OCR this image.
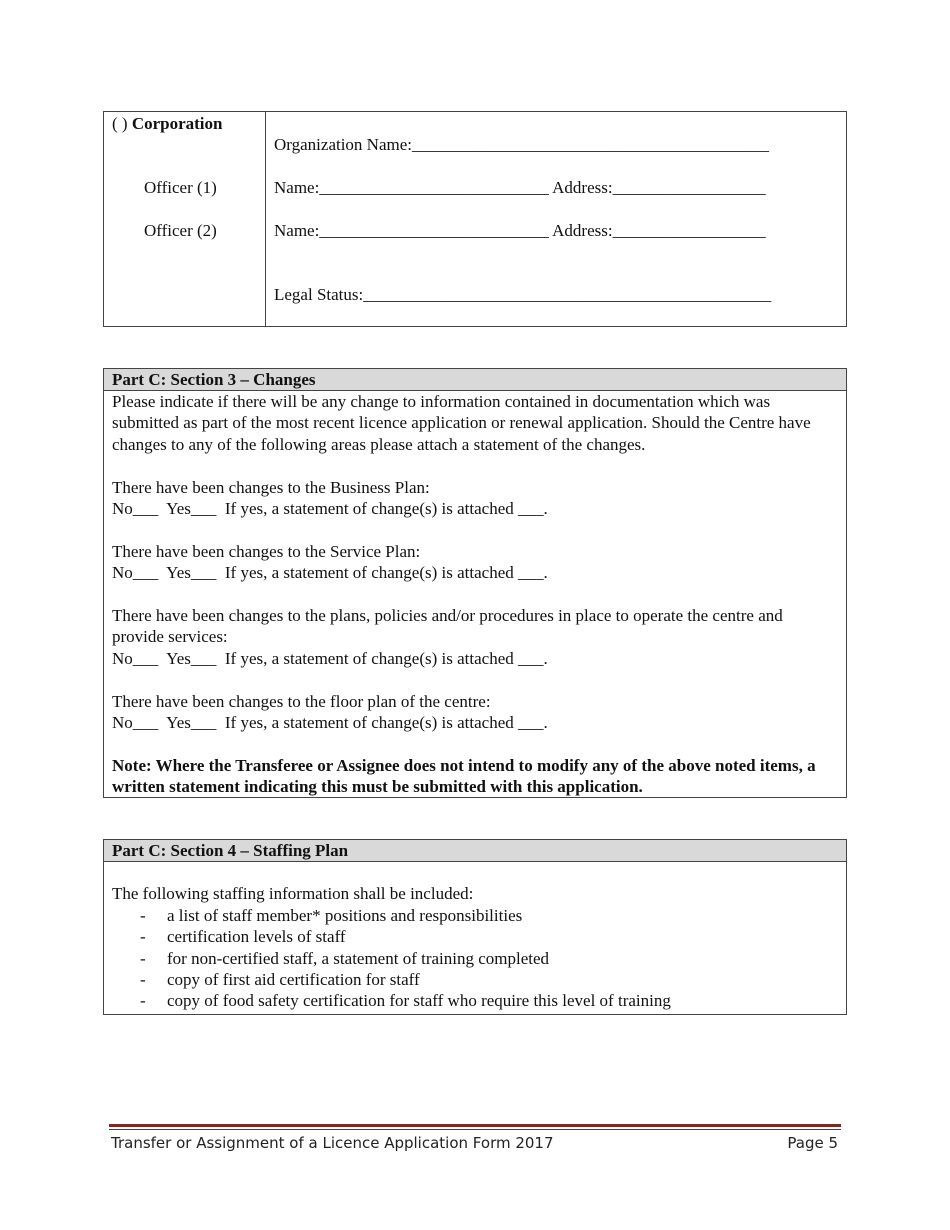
( ) Corporation
Organization Name:__________________________________________
Officer (1)	Name:___________________________ Address:__________________
Officer (2)	Name:___________________________ Address:__________________
Legal Status:________________________________________________
Part C: Section 3 – Changes
Please indicate if there will be any change to information contained in documentation which was submitted as part of the most recent licence application or renewal application. Should the Centre have changes to any of the following areas please attach a statement of the changes.
There have been changes to the Business Plan:
No___  Yes___  If yes, a statement of change(s) is attached ___.
There have been changes to the Service Plan:
No___  Yes___  If yes, a statement of change(s) is attached ___.
There have been changes to the plans, policies and/or procedures in place to operate the centre and provide services:
No___  Yes___  If yes, a statement of change(s) is attached ___.
There have been changes to the floor plan of the centre:
No___  Yes___  If yes, a statement of change(s) is attached ___.
Note: Where the Transferee or Assignee does not intend to modify any of the above noted items, a written statement indicating this must be submitted with this application.
Part C: Section 4 – Staffing Plan
The following staffing information shall be included:
- a list of staff member* positions and responsibilities
- certification levels of staff
- for non-certified staff, a statement of training completed
- copy of first aid certification for staff
- copy of food safety certification for staff who require this level of training
Transfer or Assignment of a Licence Application Form 2017	Page 5
